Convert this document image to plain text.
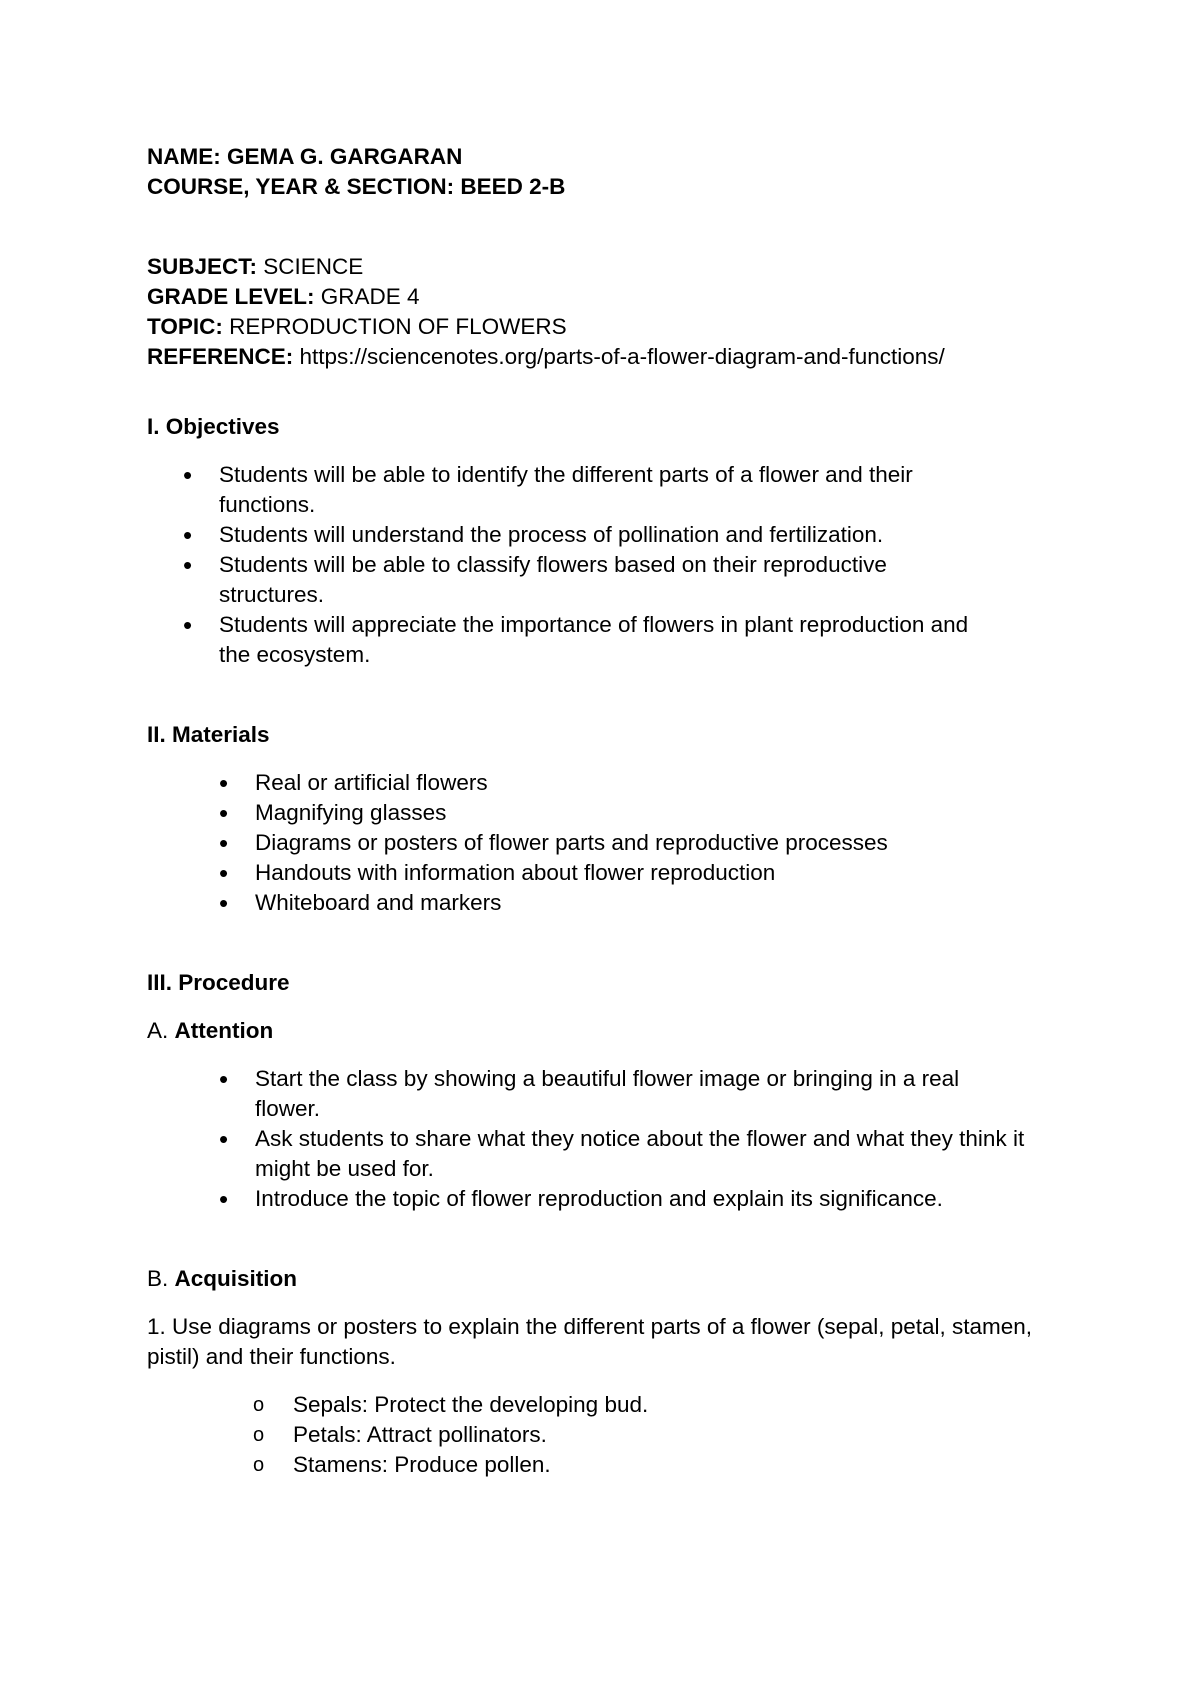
NAME: GEMA G. GARGARAN
COURSE, YEAR & SECTION: BEED 2-B
SUBJECT: SCIENCE
GRADE LEVEL: GRADE 4
TOPIC: REPRODUCTION OF FLOWERS
REFERENCE: https://sciencenotes.org/parts-of-a-flower-diagram-and-functions/
I. Objectives
• Students will be able to identify the different parts of a flower and their functions.
• Students will understand the process of pollination and fertilization.
• Students will be able to classify flowers based on their reproductive structures.
• Students will appreciate the importance of flowers in plant reproduction and the ecosystem.
II. Materials
• Real or artificial flowers
• Magnifying glasses
• Diagrams or posters of flower parts and reproductive processes
• Handouts with information about flower reproduction
• Whiteboard and markers
III. Procedure
A. Attention
• Start the class by showing a beautiful flower image or bringing in a real flower.
• Ask students to share what they notice about the flower and what they think it might be used for.
• Introduce the topic of flower reproduction and explain its significance.
B. Acquisition
1. Use diagrams or posters to explain the different parts of a flower (sepal, petal, stamen, pistil) and their functions.
o Sepals: Protect the developing bud.
o Petals: Attract pollinators.
o Stamens: Produce pollen.
